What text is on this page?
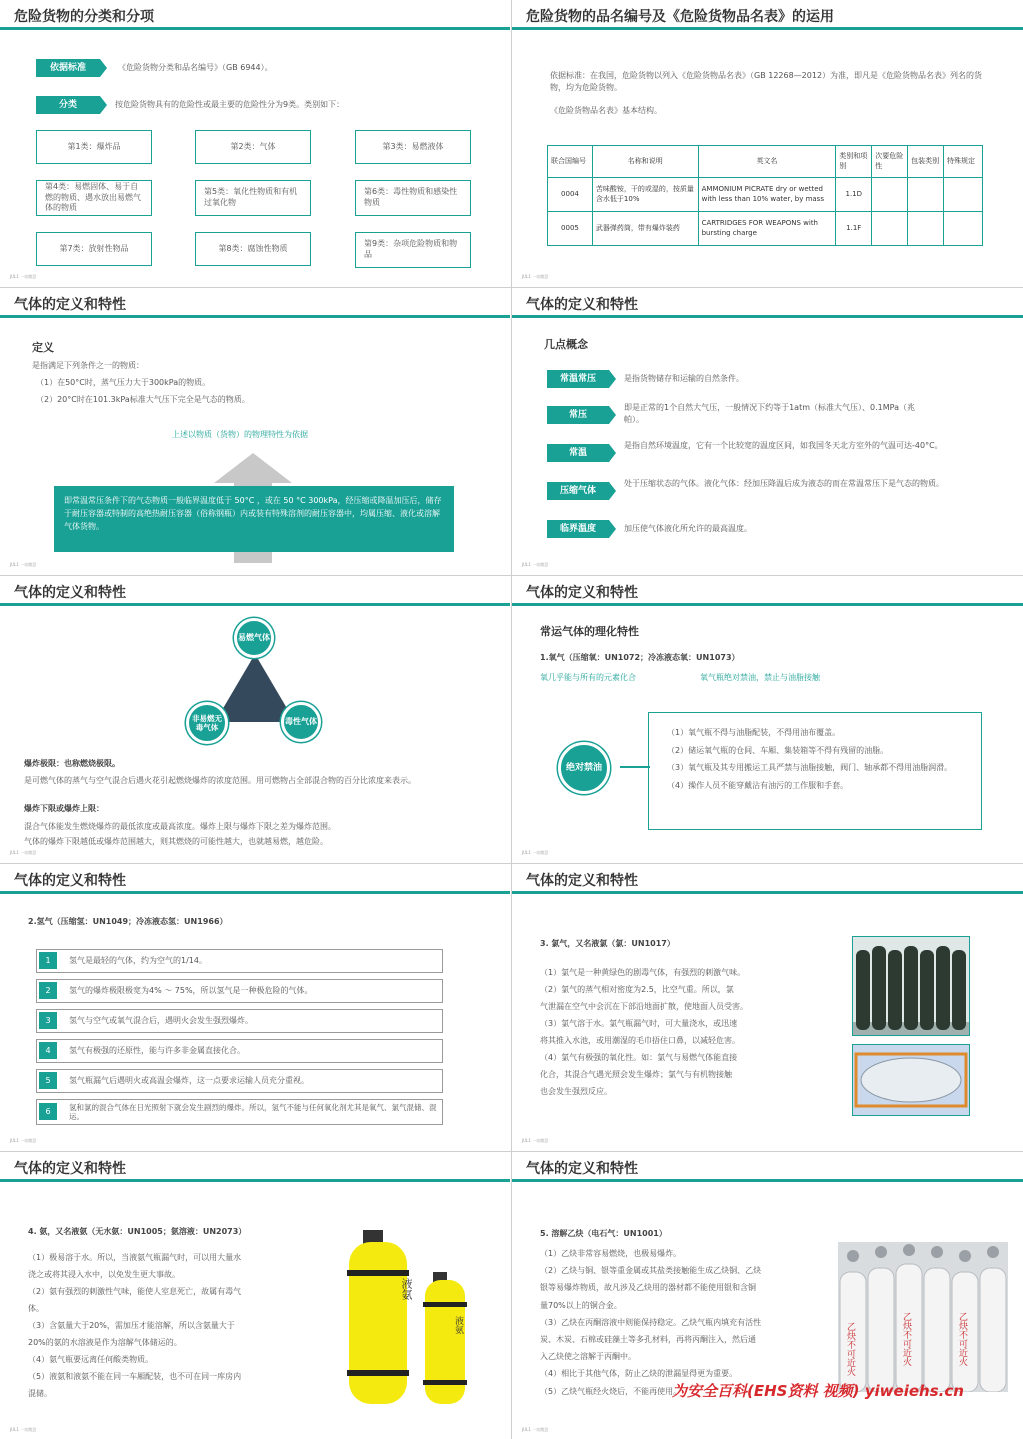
危险货物的分类和分项
依据标准	《危险货物分类和品名编号》（GB 6944）。
分类	按危险货物具有的危险性或最主要的危险性分为9类。类别如下：
第1类：爆炸品	第2类：气体	第3类：易燃液体
第4类：易燃固体、易于自燃的物质、遇水放出易燃气体的物质
第5类：氧化性物质和有机过氧化物
第6类：毒性物质和感染性物质
第7类：放射性物品	第8类：腐蚀性物质	第9类：杂项危险物质和物品
JUL1 一站微盘
危险货物的品名编号及《危险货物品名表》的运用
依据标准：在我国，危险货物以列入《危险货物品名表》（GB 12268—2012）为准，即凡是《危险货物品名表》列名的货物，均为危险货物。
《危险货物品名表》基本结构。
联合国编号	名称和说明	英文名	类别和项别	次要危险性	包装类别	特殊规定
0004	苦味酸铵，干的或湿的，按质量含水低于10%	AMMONIUM PICRATE dry or wetted with less than 10% water, by mass	1.1D			
0005	武器弹药筒，带有爆炸装药	CARTRIDGES FOR WEAPONS with bursting charge	1.1F			
JUL1 一站微盘
气体的定义和特性
定义
是指满足下列条件之一的物质：
（1）在50°C时，蒸气压力大于300kPa的物质。
（2）20°C时在101.3kPa标准大气压下完全是气态的物质。
上述以物质（货物）的物理特性为依据
即常温常压条件下的气态物质一般临界温度低于 50°C ，或在 50 °C 300kPa，经压缩或降温加压后，储存于耐压容器或特制的高绝热耐压容器（俗称钢瓶）内或装有特殊溶剂的耐压容器中，均属压缩、液化或溶解气体货物。
JUL1 一站微盘
气体的定义和特性
几点概念
常温常压	是指货物储存和运输的自然条件。
常压
即是正常的1个自然大气压，一般情况下约等于1atm（标准大气压）、0.1MPa（兆帕）。
常温
是指自然环境温度，它有一个比较宽的温度区间，如我国冬天北方室外的气温可达-40°C。
压缩气体
处于压缩状态的气体。液化气体：经加压降温后成为液态的而在常温常压下是气态的物质。
临界温度	加压使气体液化所允许的最高温度。
JUL1 一站微盘
气体的定义和特性
易燃气体
非易燃无毒气体
毒性气体
爆炸极限：也称燃烧极限。
是可燃气体的蒸气与空气混合后遇火花引起燃烧爆炸的浓度范围。用可燃物占全部混合物的百分比浓度来表示。
爆炸下限或爆炸上限：
混合气体能发生燃烧爆炸的最低浓度或最高浓度。爆炸上限与爆炸下限之差为爆炸范围。
气体的爆炸下限越低或爆炸范围越大，则其燃烧的可能性越大，也就越易燃，越危险。
JUL1 一站微盘
气体的定义和特性
常运气体的理化特性
1.氧气（压缩氧：UN1072；冷冻液态氧：UN1073）
氧几乎能与所有的元素化合	氧气瓶绝对禁油，禁止与油脂接触
（1）氧气瓶不得与油脂配装，不得用油布覆盖。
（2）储运氧气瓶的仓间、车厢、集装箱等不得有残留的油脂。
（3）氧气瓶及其专用搬运工具严禁与油脂接触，阀门、轴承都不得用油脂润滑。
（4）操作人员不能穿戴沾有油污的工作服和手套。
绝对禁油
JUL1 一站微盘
气体的定义和特性
2.氢气（压缩氢：UN1049；冷冻液态氢：UN1966）
1	氢气是最轻的气体，约为空气的1/14。
2	氢气的爆炸极限极宽为4% ～ 75%，所以氢气是一种极危险的气体。
3	氢气与空气或氧气混合后，遇明火会发生强烈爆炸。
4	氢气有极强的还原性，能与许多非金属直接化合。
5	氢气瓶漏气后遇明火或高温会爆炸，这一点要求运输人员充分重视。
6	氢和氯的混合气体在日光照射下就会发生剧烈的爆炸。所以，氢气不能与任何氧化剂尤其是氧气、氯气混储、混运。
JUL1 一站微盘
气体的定义和特性
3. 氯气，又名液氯（氯：UN1017）
（1）氯气是一种黄绿色的剧毒气体，有强烈的刺激气味。
（2）氯气的蒸气相对密度为2.5，比空气重。所以，氯
气泄漏在空气中会沉在下部沿地面扩散，使地面人员受害。
（3）氯气溶于水。氯气瓶漏气时，可大量浇水，或迅速
将其推入水池，或用潮湿的毛巾捂住口鼻，以减轻危害。
（4）氯气有极强的氧化性。如：氯气与易燃气体能直接
化合，其混合气遇光照会发生爆炸；氯气与有机物接触
也会发生强烈反应。
JUL1 一站微盘
气体的定义和特性
4. 氨，又名液氨（无水氨：UN1005；氨溶液：UN2073）
（1）极易溶于水。所以，当液氨气瓶漏气时，可以用大量水
浇之或将其浸入水中，以免发生更大事故。
（2）氨有强烈的刺激性气味，能使人室息死亡，故属有毒气
体。
（3）含氨量大于20%，需加压才能溶解，所以含氨量大于
20%的氨的水溶液是作为溶解气体储运的。
（4）氨气瓶要远离任何酸类物质。
（5）液氨和液氨不能在同一车厢配装，也不可在同一库房内
混储。
液氨
液氨
JUL1 一站微盘
气体的定义和特性
5. 溶解乙炔（电石气：UN1001）
（1）乙炔非常容易燃烧，也极易爆炸。
（2）乙炔与铜、银等重金属或其盐类接触能生成乙炔铜、乙炔
银等易爆炸物质，故凡涉及乙炔用的器材都不能使用银和含铜
量70%以上的铜合金。
（3）乙炔在丙酮溶液中则能保持稳定。乙炔气瓶内填充有活性
炭、木炭、石棉或硅藻土等多孔材料，再将丙酮注入，然后通
入乙炔使之溶解于丙酮中。
（4）相比于其他气体，防止乙炔的泄漏显得更为重要。
（5）乙炔气瓶经火烧后，不能再使用。
乙炔不可近火	乙炔不可近火	乙炔不可近火
为安全百科(EHS资料 视频) yiweiehs.cn
JUL1 一站微盘
